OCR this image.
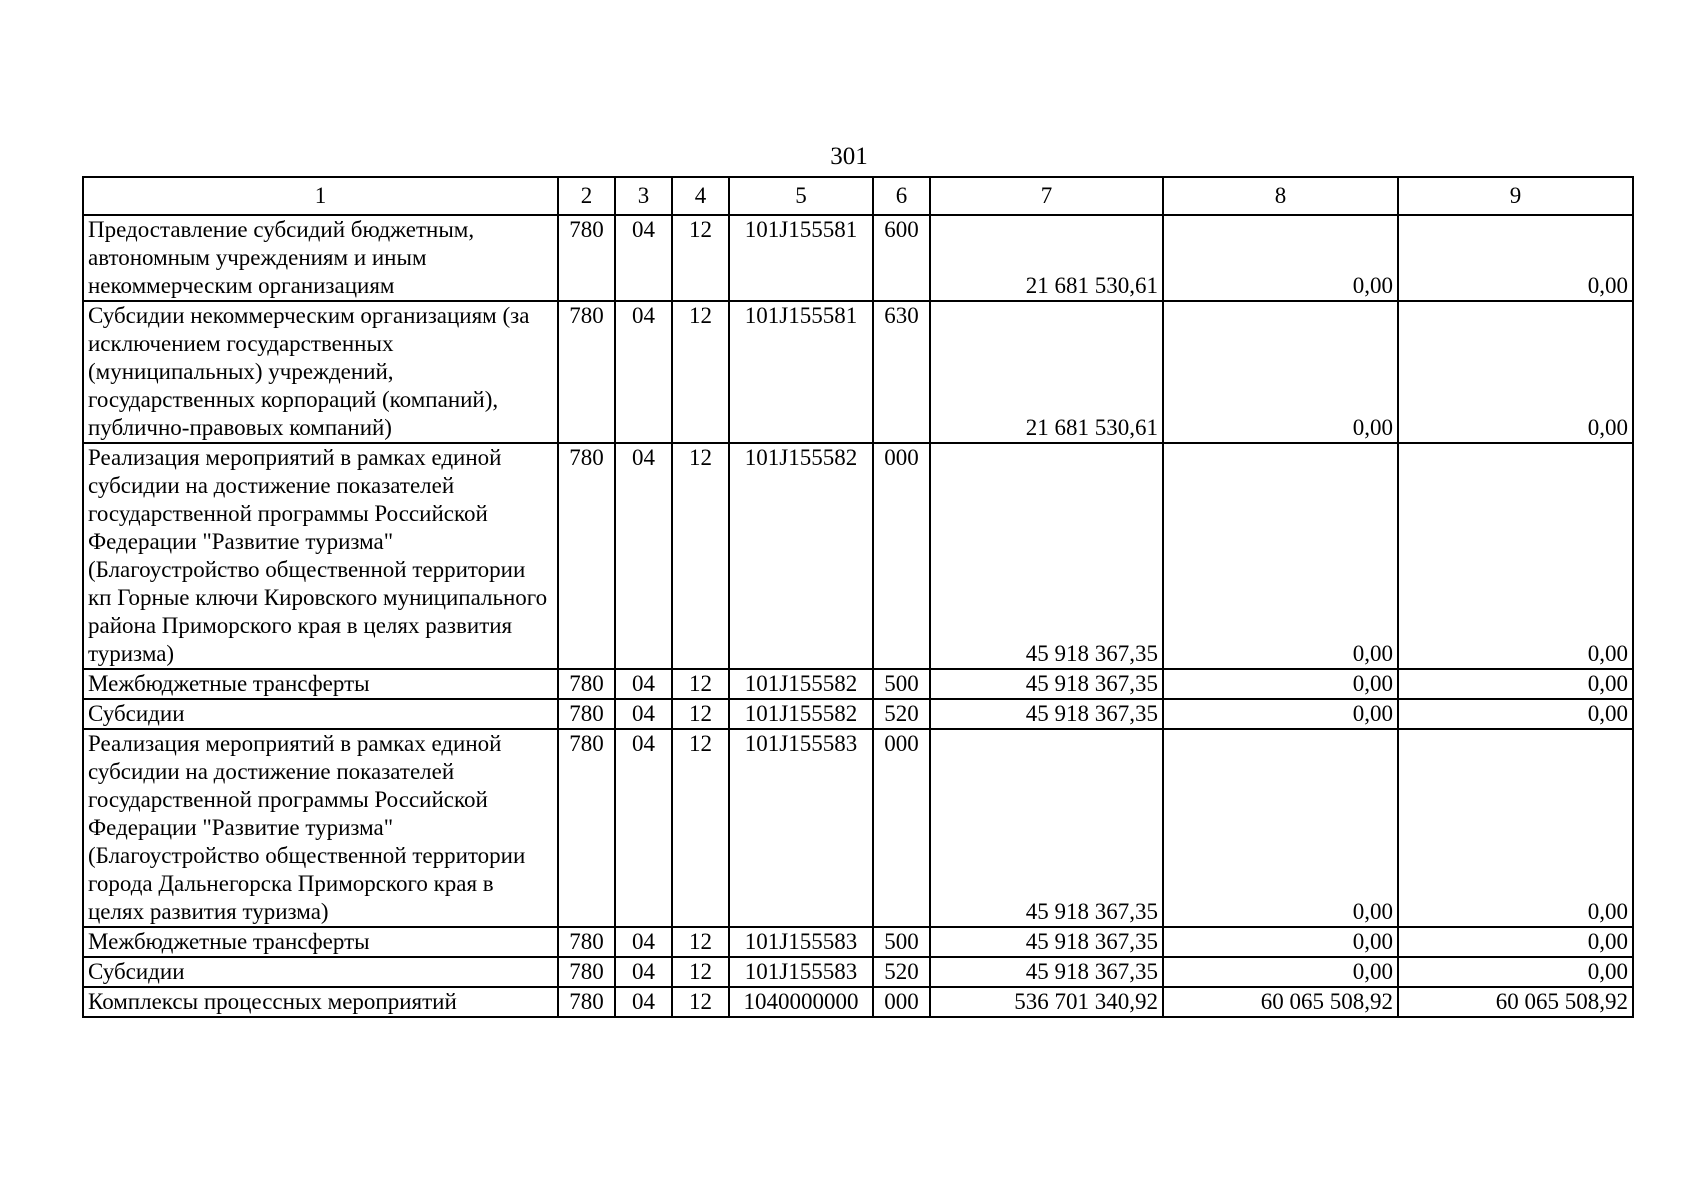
301
1	2	3	4	5	6	7	8	9
Предоставление субсидий бюджетным, автономным учреждениям и иным некоммерческим организациям	780	04	12	101J155581	600	21 681 530,61	0,00	0,00
Субсидии некоммерческим организациям (за исключением государственных (муниципальных) учреждений, государственных корпораций (компаний), публично-правовых компаний)	780	04	12	101J155581	630	21 681 530,61	0,00	0,00
Реализация мероприятий в рамках единой субсидии на достижение показателей государственной программы Российской Федерации "Развитие туризма" (Благоустройство общественной территории кп Горные ключи Кировского муниципального района Приморского края в целях развития туризма)	780	04	12	101J155582	000	45 918 367,35	0,00	0,00
Межбюджетные трансферты	780	04	12	101J155582	500	45 918 367,35	0,00	0,00
Субсидии	780	04	12	101J155582	520	45 918 367,35	0,00	0,00
Реализация мероприятий в рамках единой субсидии на достижение показателей государственной программы Российской Федерации "Развитие туризма" (Благоустройство общественной территории города Дальнегорска Приморского края в целях развития туризма)	780	04	12	101J155583	000	45 918 367,35	0,00	0,00
Межбюджетные трансферты	780	04	12	101J155583	500	45 918 367,35	0,00	0,00
Субсидии	780	04	12	101J155583	520	45 918 367,35	0,00	0,00
Комплексы процессных мероприятий	780	04	12	1040000000	000	536 701 340,92	60 065 508,92	60 065 508,92
